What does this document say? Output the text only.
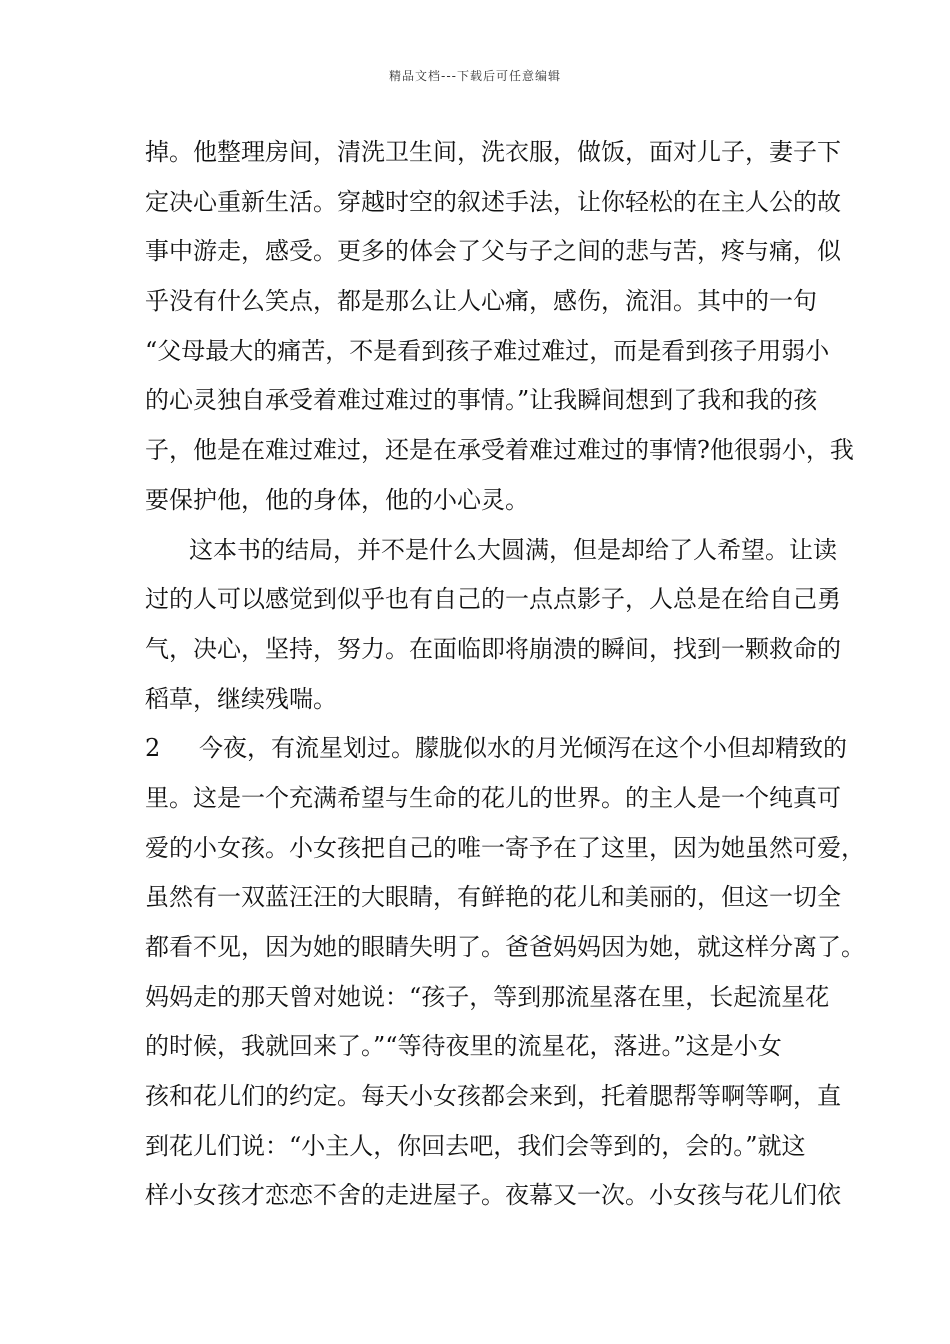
精品文档---下载后可任意编辑
掉。他整理房间，清洗卫生间，洗衣服，做饭，面对儿子，妻子下
定决心重新生活。穿越时空的叙述手法，让你轻松的在主人公的故
事中游走，感受。更多的体会了父与子之间的悲与苦，疼与痛，似
乎没有什么笑点，都是那么让人心痛，感伤，流泪。其中的一句
“父母最大的痛苦，不是看到孩子难过难过，而是看到孩子用弱小
的心灵独自承受着难过难过的事情。”让我瞬间想到了我和我的孩
子，他是在难过难过，还是在承受着难过难过的事情?他很弱小，我
要保护他，他的身体，他的小心灵。
这本书的结局，并不是什么大圆满，但是却给了人希望。让读
过的人可以感觉到似乎也有自己的一点点影子，人总是在给自己勇
气，决心，坚持，努力。在面临即将崩溃的瞬间，找到一颗救命的
稻草，继续残喘。
2 今夜，有流星划过。朦胧似水的月光倾泻在这个小但却精致的
里。这是一个充满希望与生命的花儿的世界。的主人是一个纯真可
爱的小女孩。小女孩把自己的唯一寄予在了这里，因为她虽然可爱，
虽然有一双蓝汪汪的大眼睛，有鲜艳的花儿和美丽的，但这一切全
都看不见，因为她的眼睛失明了。爸爸妈妈因为她，就这样分离了。
妈妈走的那天曾对她说：“孩子，等到那流星落在里，长起流星花
的时候，我就回来了。”“等待夜里的流星花，落进。”这是小女
孩和花儿们的约定。每天小女孩都会来到，托着腮帮等啊等啊，直
到花儿们说：“小主人，你回去吧，我们会等到的，会的。”就这
样小女孩才恋恋不舍的走进屋子。夜幕又一次。小女孩与花儿们依
